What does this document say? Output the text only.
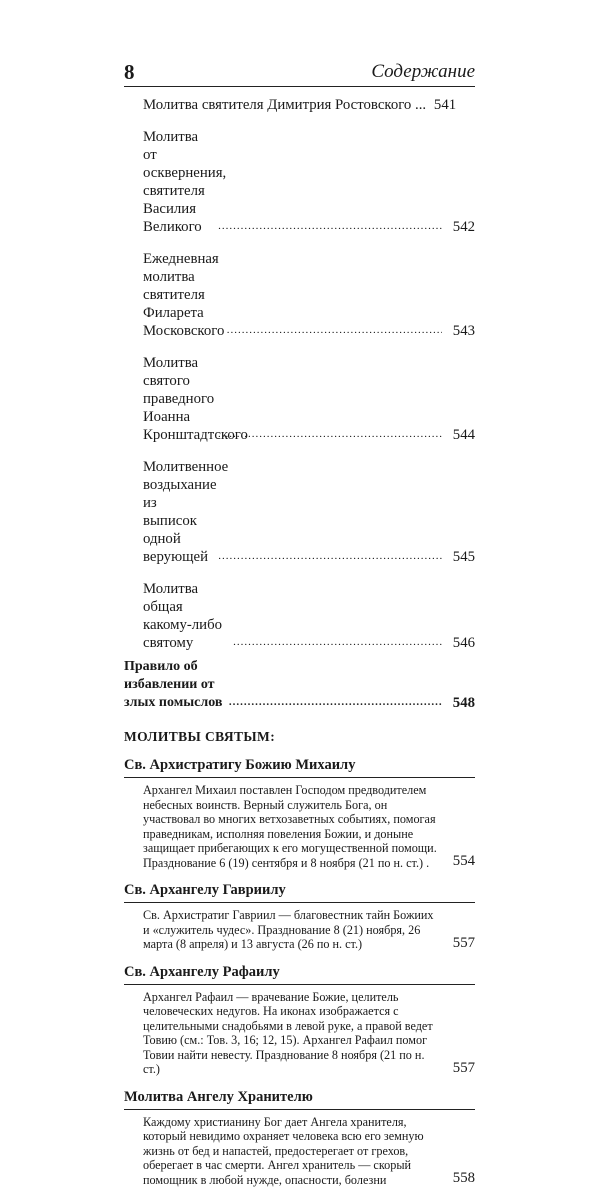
8	Содержание
Молитва святителя Димитрия Ростовского ... 541
Молитва от осквернения,
святителя Василия Великого .....	542
Ежедневная молитва
святителя Филарета Московского .....	543
Молитва святого праведного
Иоанна Кронштадтского .....	544
Молитвенное воздыхание
из выписок одной верующей .....	545
Молитва общая какому-либо святому .....	546
Правило об избавлении от злых помыслов .....	548
МОЛИТВЫ СВЯТЫМ:
Св. Архистратигу Божию Михаилу
Архангел Михаил поставлен Господом предводителем небесных воинств. Верный служитель Бога, он участвовал во многих ветхозаветных событиях, помогая праведникам, исполняя повеления Божии, и доныне защищает прибегающих к его могущественной помощи. Празднование 6 (19) сентября и 8 ноября (21 по н. ст.) .	554
Св. Архангелу Гавриилу
Св. Архистратиг Гавриил — благовестник тайн Божиих и «служитель чудес». Празднование 8 (21) ноября, 26 марта (8 апреля) и 13 августа (26 по н. ст.)	557
Св. Архангелу Рафаилу
Архангел Рафаил — врачевание Божие, целитель человеческих недугов. На иконах изображается с целительными снадобьями в левой руке, а правой ведет Товию (см.: Тов. 3, 16; 12, 15). Архангел Рафаил помог Товии найти невесту. Празднование 8 ноября (21 по н. ст.)	557
Молитва Ангелу Хранителю
Каждому христианину Бог дает Ангела хранителя, который невидимо охраняет человека всю его земную жизнь от бед и напастей, предостерегает от грехов, оберегает в час смерти. Ангел хранитель — скорый помощник в любой нужде, опасности, болезни	558
